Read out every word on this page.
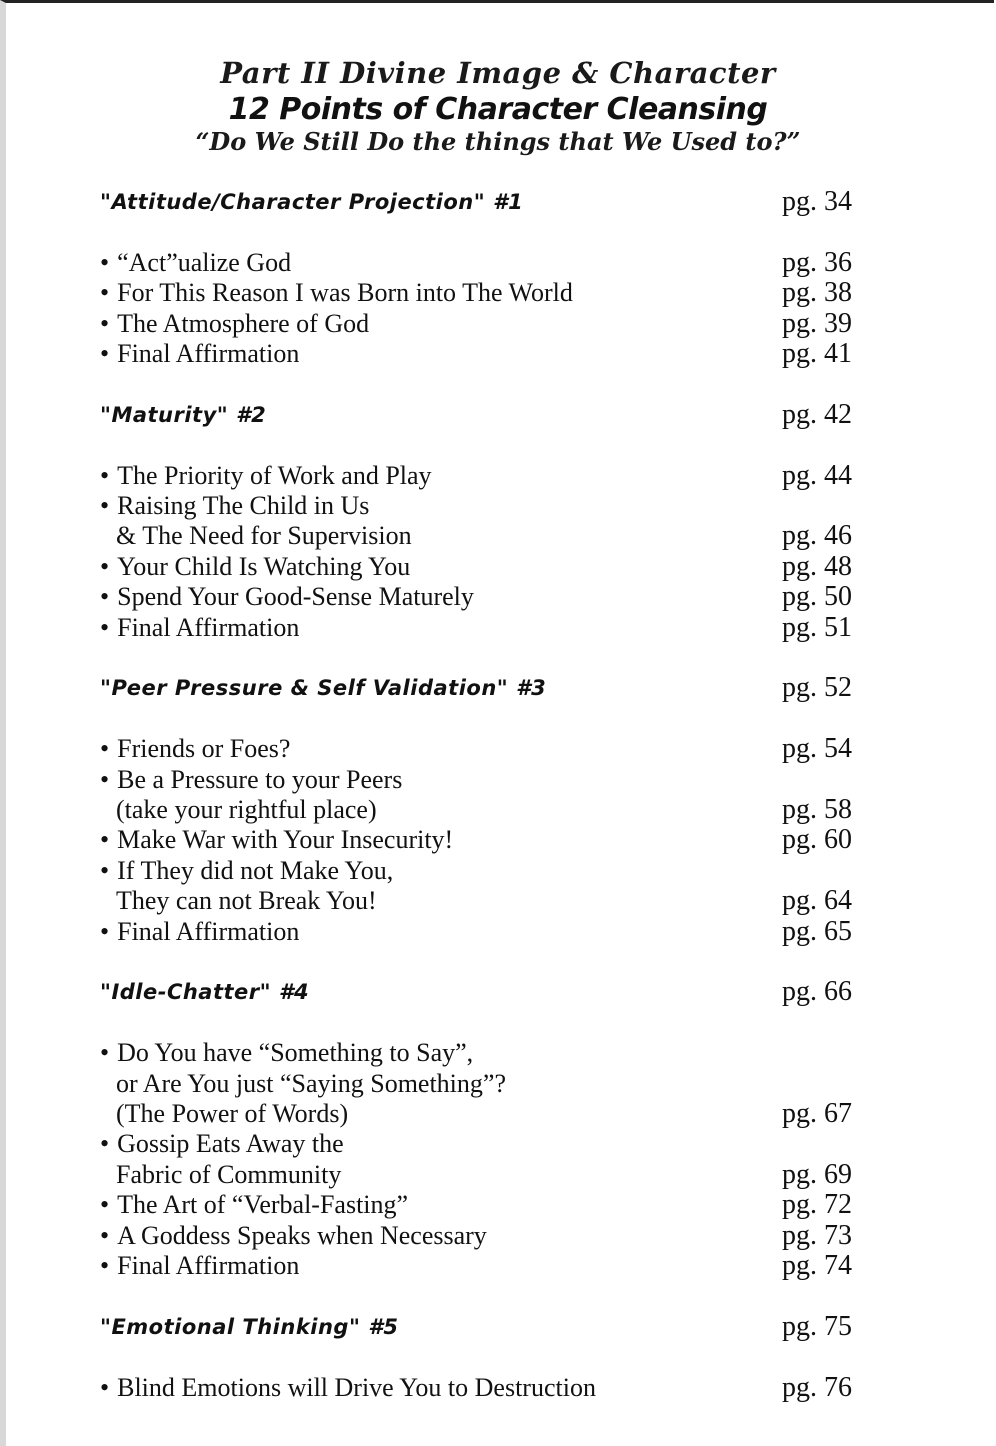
Part II Divine Image & Character
12 Points of Character Cleansing
“Do We Still Do the things that We Used to?”
"Attitude/Character Projection" #1	pg. 34
• “Act”ualize God	pg. 36
• For This Reason I was Born into The World	pg. 38
• The Atmosphere of God	pg. 39
• Final Affirmation	pg. 41
"Maturity" #2	pg. 42
• The Priority of Work and Play	pg. 44
• Raising The Child in Us
& The Need for Supervision	pg. 46
• Your Child Is Watching You	pg. 48
• Spend Your Good-Sense Maturely	pg. 50
• Final Affirmation	pg. 51
"Peer Pressure & Self Validation" #3	pg. 52
• Friends or Foes?	pg. 54
• Be a Pressure to your Peers
(take your rightful place)	pg. 58
• Make War with Your Insecurity!	pg. 60
• If They did not Make You,
They can not Break You!	pg. 64
• Final Affirmation	pg. 65
"Idle-Chatter" #4	pg. 66
• Do You have “Something to Say”,
or Are You just “Saying Something”?
(The Power of Words)	pg. 67
• Gossip Eats Away the
Fabric of Community	pg. 69
• The Art of “Verbal-Fasting”	pg. 72
• A Goddess Speaks when Necessary	pg. 73
• Final Affirmation	pg. 74
"Emotional Thinking" #5	pg. 75
• Blind Emotions will Drive You to Destruction	pg. 76
